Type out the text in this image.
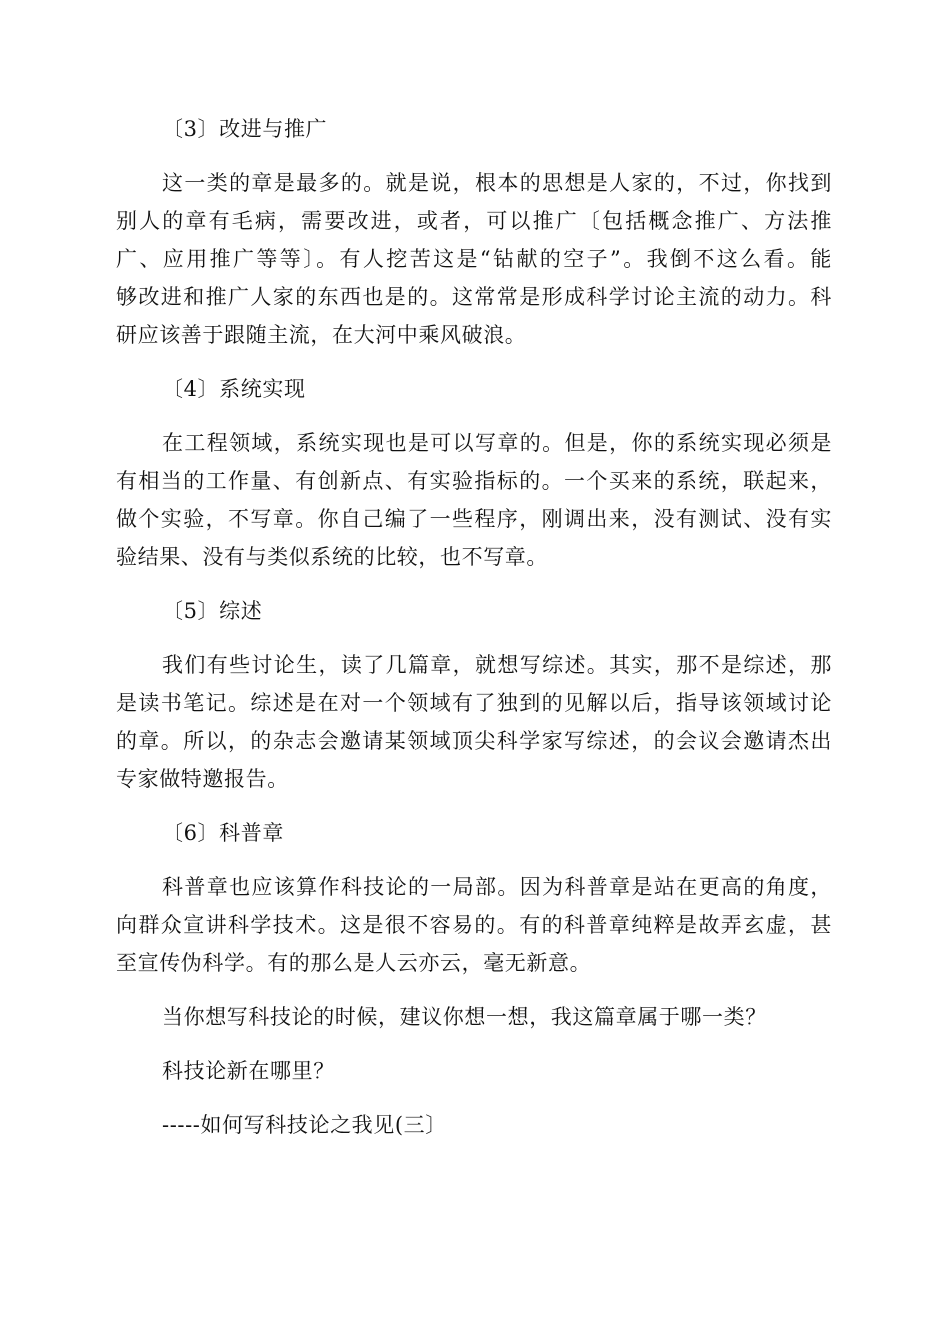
〔3〕改进与推广
这一类的章是最多的。就是说，根本的思想是人家的，不过，你找到
别人的章有毛病，需要改进，或者，可以推广〔包括概念推广、方法推
广、应用推广等等〕。有人挖苦这是“钻献的空子”。我倒不这么看。能
够改进和推广人家的东西也是的。这常常是形成科学讨论主流的动力。科
研应该善于跟随主流，在大河中乘风破浪。
〔4〕系统实现
在工程领域，系统实现也是可以写章的。但是，你的系统实现必须是
有相当的工作量、有创新点、有实验指标的。一个买来的系统，联起来，
做个实验，不写章。你自己编了一些程序，刚调出来，没有测试、没有实
验结果、没有与类似系统的比较，也不写章。
〔5〕综述
我们有些讨论生，读了几篇章，就想写综述。其实，那不是综述，那
是读书笔记。综述是在对一个领域有了独到的见解以后，指导该领域讨论
的章。所以，的杂志会邀请某领域顶尖科学家写综述，的会议会邀请杰出
专家做特邀报告。
〔6〕科普章
科普章也应该算作科技论的一局部。因为科普章是站在更高的角度，
向群众宣讲科学技术。这是很不容易的。有的科普章纯粹是故弄玄虚，甚
至宣传伪科学。有的那么是人云亦云，毫无新意。
当你想写科技论的时候，建议你想一想，我这篇章属于哪一类？
科技论新在哪里？
-----如何写科技论之我见(三〕
